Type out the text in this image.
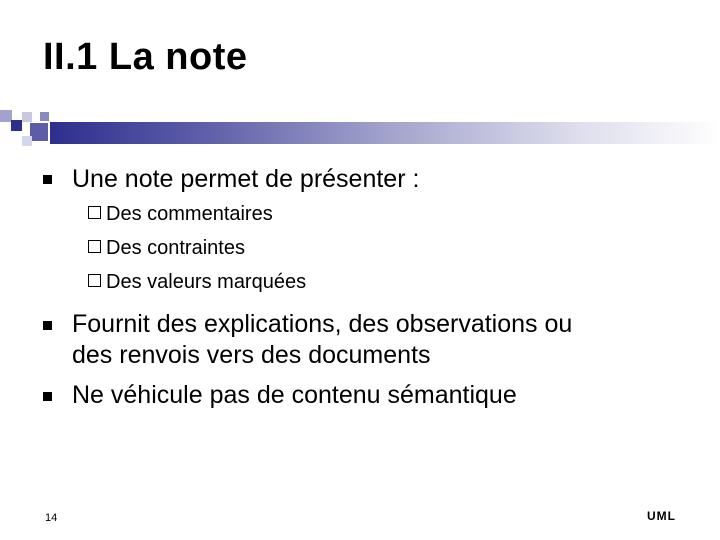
II.1 La note
Une note permet de présenter :
Des commentaires
Des contraintes
Des valeurs marquées
Fournit des explications, des observations ou
des renvois vers des documents
Ne véhicule pas de contenu sémantique
14	UML
